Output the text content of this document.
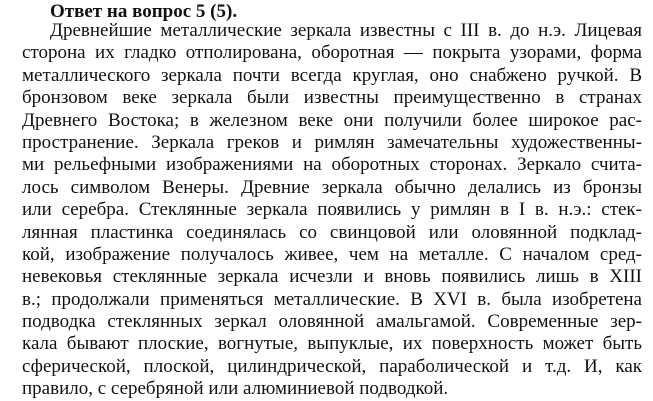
Ответ на вопрос 5 (5).
Древнейшие металлические зеркала известны с III в. до н.э. Лицевая
сторона их гладко отполирована, оборотная — покрыта узорами, форма
металлического зеркала почти всегда круглая, оно снабжено ручкой. В
бронзовом веке зеркала были известны преимущественно в странах
Древнего Востока; в железном веке они получили более широкое рас-
пространение. Зеркала греков и римлян замечательны художественны-
ми рельефными изображениями на оборотных сторонах. Зеркало счита-
лось символом Венеры. Древние зеркала обычно делались из бронзы
или серебра. Стеклянные зеркала появились у римлян в I в. н.э.: стек-
лянная пластинка соединялась со свинцовой или оловянной подклад-
кой, изображение получалось живее, чем на металле. С началом сред-
невековья стеклянные зеркала исчезли и вновь появились лишь в XIII
в.; продолжали применяться металлические. В XVI в. была изобретена
подводка стеклянных зеркал оловянной амальгамой. Современные зер-
кала бывают плоские, вогнутые, выпуклые, их поверхность может быть
сферической, плоской, цилиндрической, параболической и т.д. И, как
правило, с серебряной или алюминиевой подводкой.
